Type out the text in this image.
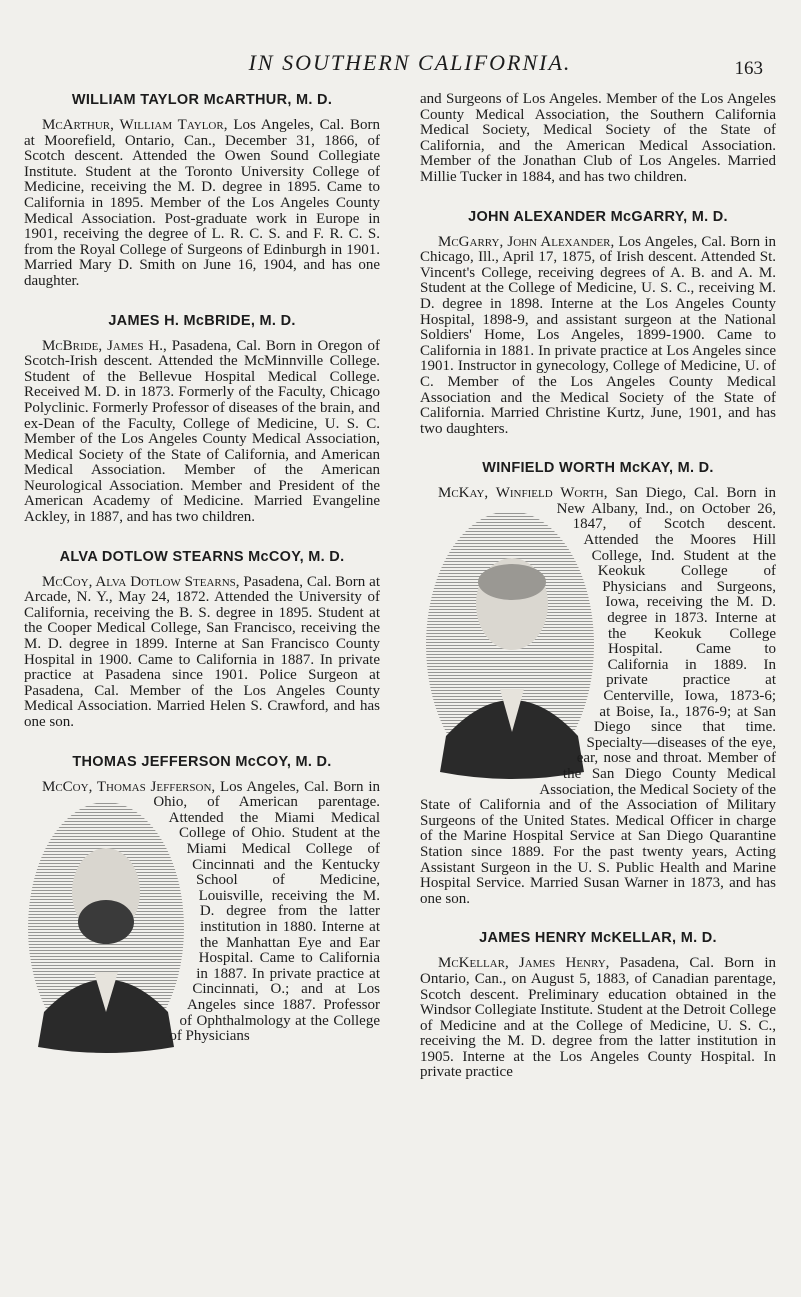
IN SOUTHERN CALIFORNIA.	163
WILLIAM TAYLOR McARTHUR, M. D.

McArthur, William Taylor, Los Angeles, Cal. Born at Moorefield, Ontario, Can., December 31, 1866, of Scotch descent. Attended the Owen Sound Collegiate Institute. Student at the Toronto University College of Medicine, receiving the M. D. degree in 1895. Came to California in 1895. Member of the Los Angeles County Medical Association. Post-graduate work in Europe in 1901, receiving the degree of L. R. C. S. and F. R. C. S. from the Royal College of Surgeons of Edinburgh in 1901. Married Mary D. Smith on June 16, 1904, and has one daughter.

JAMES H. McBRIDE, M. D.

McBride, James H., Pasadena, Cal. Born in Oregon of Scotch-Irish descent. Attended the McMinnville College. Student of the Bellevue Hospital Medical College. Received M. D. in 1873. Formerly of the Faculty, Chicago Polyclinic. Formerly Professor of diseases of the brain, and ex-Dean of the Faculty, College of Medicine, U. S. C. Member of the Los Angeles County Medical Association, Medical Society of the State of California, and American Medical Association. Member of the American Neurological Association. Member and President of the American Academy of Medicine. Married Evangeline Ackley, in 1887, and has two children.

ALVA DOTLOW STEARNS McCOY, M. D.

McCoy, Alva Dotlow Stearns, Pasadena, Cal. Born at Arcade, N. Y., May 24, 1872. Attended the University of California, receiving the B. S. degree in 1895. Student at the Cooper Medical College, San Francisco, receiving the M. D. degree in 1899. Interne at San Francisco County Hospital in 1900. Came to California in 1887. In private practice at Pasadena since 1901. Police Surgeon at Pasadena, Cal. Member of the Los Angeles County Medical Association. Married Helen S. Crawford, and has one son.

THOMAS JEFFERSON McCOY, M. D.

McCoy, Thomas Jefferson,
Los Angeles, Cal. Born in Ohio, of American parentage. Attended the Miami Medical College of Ohio. Student at the Miami Medical College of Cincinnati and the Kentucky School of Medicine, Louisville, receiving the M. D. degree from the latter institution in 1880. Interne at the Manhattan Eye and Ear Hospital. Came to California in 1887. In private practice at Cincinnati, O.; and at Los Angeles since 1887. Professor of Ophthalmology at the College of Physicians

and Surgeons of Los Angeles. Member of the Los Angeles County Medical Association, the Southern California Medical Society, Medical Society of the State of California, and the American Medical Association. Member of the Jonathan Club of Los Angeles. Married Millie Tucker in 1884, and has two children.

JOHN ALEXANDER McGARRY, M. D.

McGarry, John Alexander, Los Angeles, Cal. Born in Chicago, Ill., April 17, 1875, of Irish descent. Attended St. Vincent's College, receiving degrees of A. B. and A. M. Student at the College of Medicine, U. S. C., receiving M. D. degree in 1898. Interne at the Los Angeles County Hospital, 1898-9, and assistant surgeon at the National Soldiers' Home, Los Angeles, 1899-1900. Came to California in 1881. In private practice at Los Angeles since 1901. Instructor in gynecology, College of Medicine, U. of C. Member of the Los Angeles County Medical Association and the Medical Society of the State of California. Married Christine Kurtz, June, 1901, and has two daughters.

WINFIELD WORTH McKAY, M. D.

McKay, Winfield Worth,
San Diego, Cal. Born in New Albany, Ind., on October 26, 1847, of Scotch descent. Attended the Moores Hill College, Ind. Student at the Keokuk College of Physicians and Surgeons, Iowa, receiving the M. D. degree in 1873. Interne at the Keokuk College Hospital. Came to California in 1889. In private practice at Centerville, Iowa, 1873-6; at Boise, Ia., 1876-9; at San Diego since that time. Specialty—diseases of the eye, ear, nose and throat. Member of the San Diego County Medical Association, the Medical Society of the State of California and of the Association of Military Surgeons of the United States. Medical Officer in charge of the Marine Hospital Service at San Diego Quarantine Station since 1889. For the past twenty years, Acting Assistant Surgeon in the U. S. Public Health and Marine Hospital Service. Married Susan Warner in 1873, and has one son.

JAMES HENRY McKELLAR, M. D.

McKellar, James Henry, Pasadena, Cal. Born in Ontario, Can., on August 5, 1883, of Canadian parentage, Scotch descent. Preliminary education obtained in the Windsor Collegiate Institute. Student at the Detroit College of Medicine and at the College of Medicine, U. S. C., receiving the M. D. degree from the latter institution in 1905. Interne at the Los Angeles County Hospital. In private practice
